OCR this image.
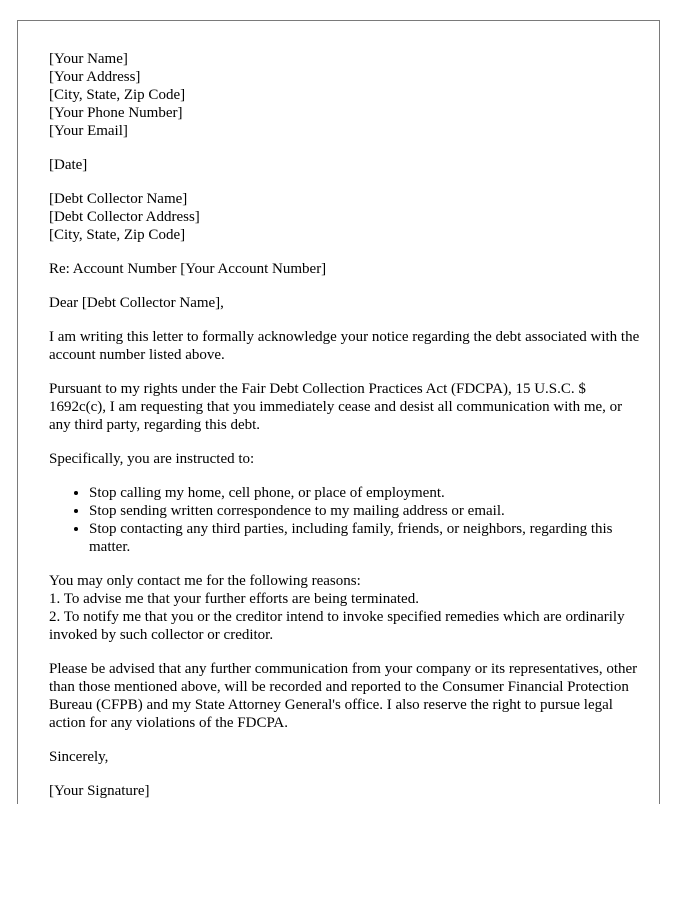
[Your Name]
[Your Address]
[City, State, Zip Code]
[Your Phone Number]
[Your Email]

[Date]

[Debt Collector Name]
[Debt Collector Address]
[City, State, Zip Code]

Re: Account Number [Your Account Number]

Dear [Debt Collector Name],

I am writing this letter to formally acknowledge your notice regarding the debt associated with the account number listed above.

Pursuant to my rights under the Fair Debt Collection Practices Act (FDCPA), 15 U.S.C. $ 1692c(c), I am requesting that you immediately cease and desist all communication with me, or any third party, regarding this debt.

Specifically, you are instructed to:

• Stop calling my home, cell phone, or place of employment.
• Stop sending written correspondence to my mailing address or email.
• Stop contacting any third parties, including family, friends, or neighbors, regarding this matter.
You may only contact me for the following reasons:
1. To advise me that your further efforts are being terminated.
2. To notify me that you or the creditor intend to invoke specified remedies which are ordinarily invoked by such collector or creditor.

Please be advised that any further communication from your company or its representatives, other than those mentioned above, will be recorded and reported to the Consumer Financial Protection Bureau (CFPB) and my State Attorney General's office. I also reserve the right to pursue legal action for any violations of the FDCPA.

Sincerely,

[Your Signature]
